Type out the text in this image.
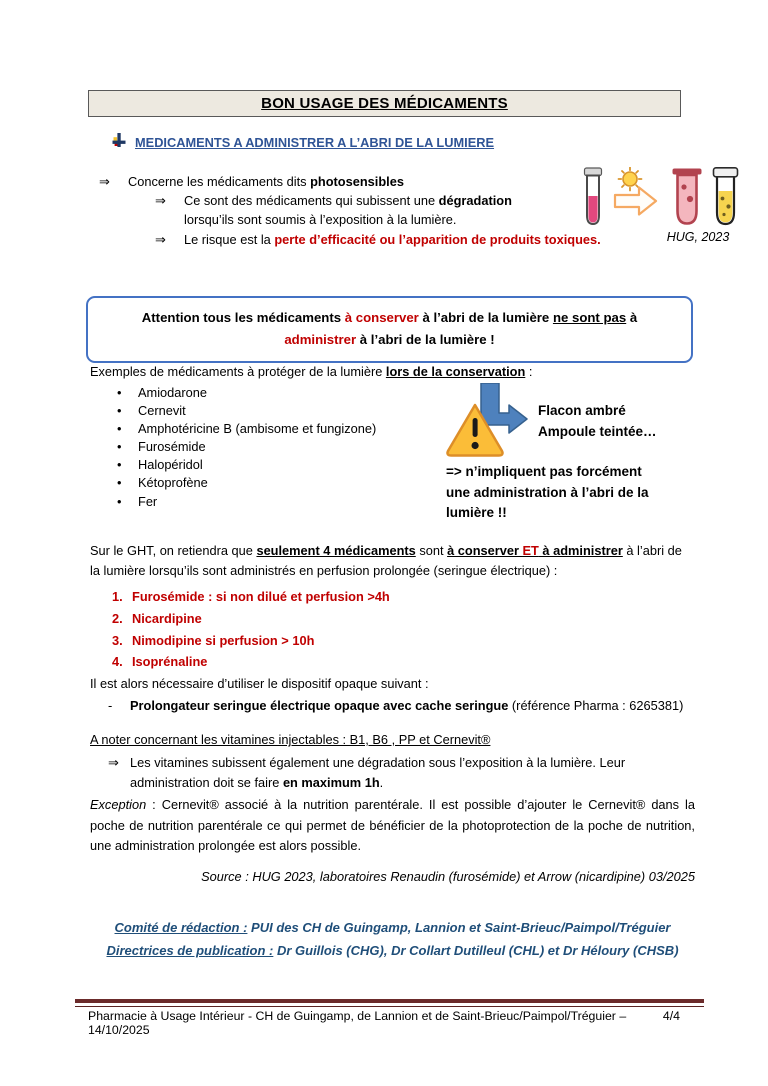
BON USAGE DES MÉDICAMENTS
MEDICAMENTS A ADMINISTRER A L’ABRI DE LA LUMIERE
⇒ Concerne les médicaments dits photosensibles
⇒ Ce sont des médicaments qui subissent une dégradation
lorsqu’ils sont soumis à l’exposition à la lumière.
⇒ Le risque est la perte d’efficacité ou l’apparition de produits toxiques.	HUG, 2023
Attention tous les médicaments à conserver à l’abri de la lumière ne sont pas à
administrer à l’abri de la lumière !
Exemples de médicaments à protéger de la lumière lors de la conservation :
• Amiodarone
• Cernevit
• Amphotéricine B (ambisome et fungizone)
• Furosémide
• Halopéridol
• Kétoprofène
• Fer
Flacon ambré
Ampoule teintée…
=> n’impliquent pas forcément
une administration à l’abri de la
lumière !!
Sur le GHT, on retiendra que seulement 4 médicaments sont à conserver ET à administrer à l’abri de
la lumière lorsqu’ils sont administrés en perfusion prolongée (seringue électrique) :
Furosémide : si non dilué et perfusion >4h
Nicardipine
Nimodipine si perfusion > 10h
Isoprénaline
Il est alors nécessaire d’utiliser le dispositif opaque suivant :
- Prolongateur seringue électrique opaque avec cache seringue (référence Pharma : 6265381)
A noter concernant les vitamines injectables : B1, B6 , PP et Cernevit®
⇒ Les vitamines subissent également une dégradation sous l’exposition à la lumière. Leur
administration doit se faire en maximum 1h.
Exception : Cernevit® associé à la nutrition parentérale. Il est possible d’ajouter le Cernevit® dans la poche de nutrition parentérale ce qui permet de bénéficier de la photoprotection de la poche de nutrition, une administration prolongée est alors possible.
Source : HUG 2023, laboratoires Renaudin (furosémide) et Arrow (nicardipine) 03/2025
Comité de rédaction : PUI des CH de Guingamp, Lannion et Saint-Brieuc/Paimpol/Tréguier
Directrices de publication : Dr Guillois (CHG), Dr Collart Dutilleul (CHL) et Dr Héloury (CHSB)
Pharmacie à Usage Intérieur - CH de Guingamp, de Lannion et de Saint-Brieuc/Paimpol/Tréguier – 14/10/2025
4/4
